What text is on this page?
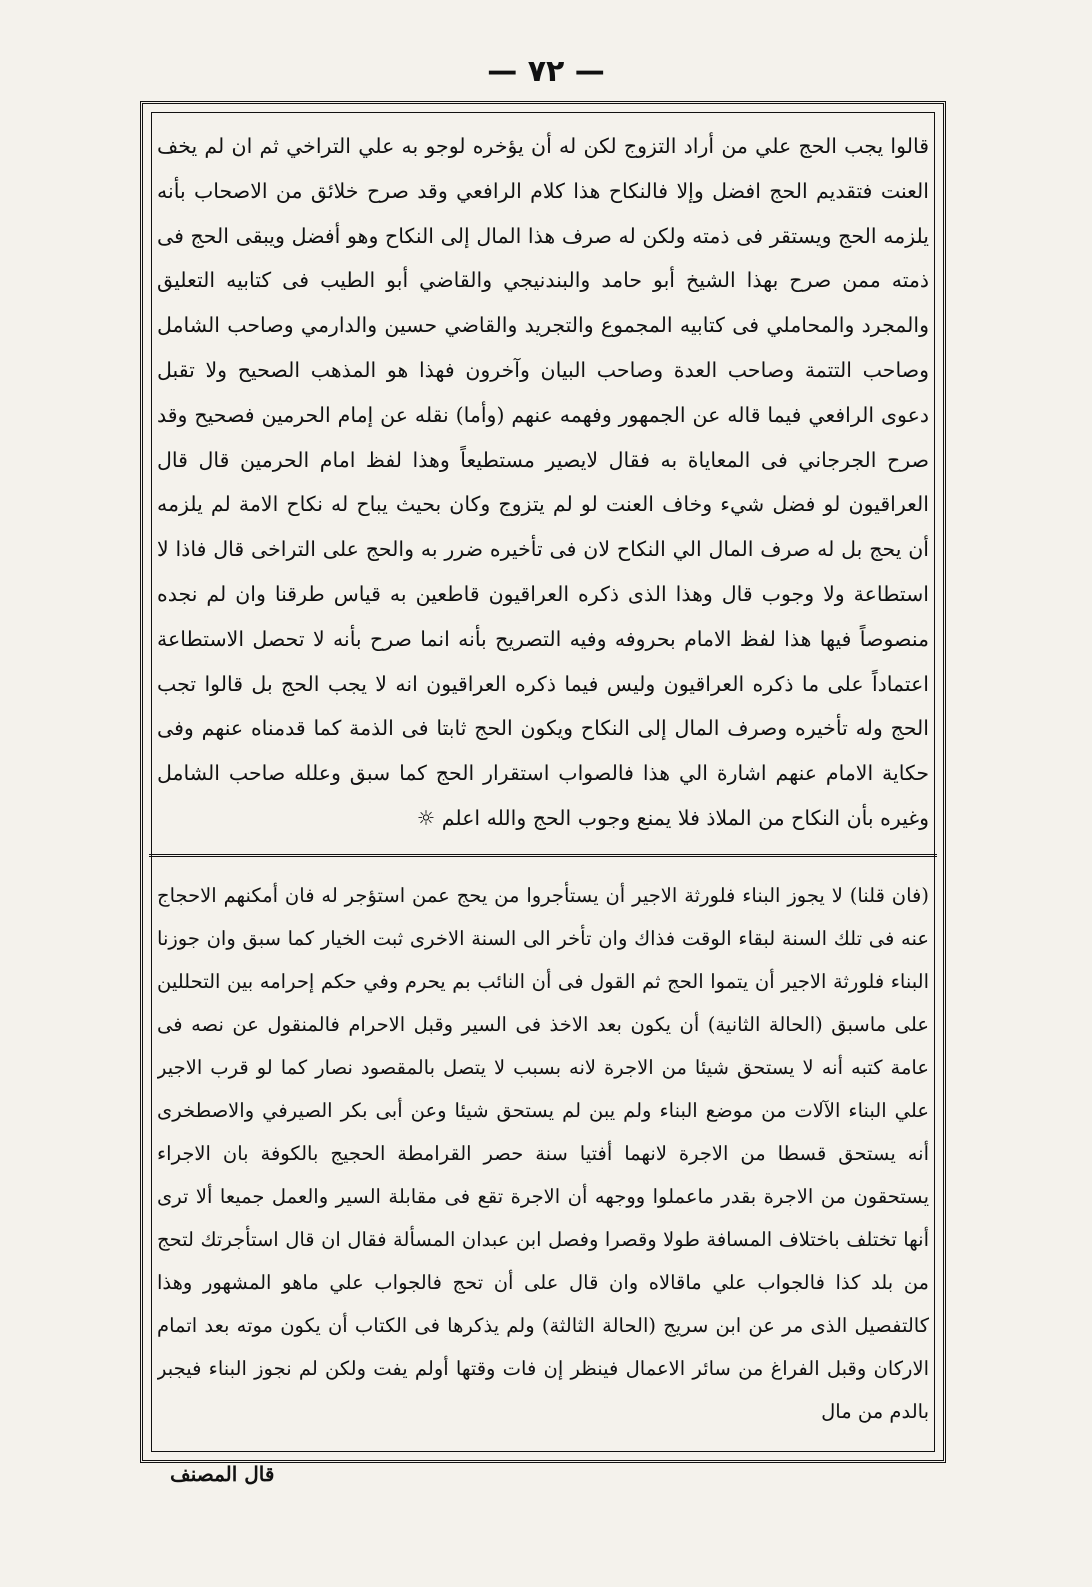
— ٧٢ —

قالوا يجب الحج علي من أراد التزوج لكن له أن يؤخره لوجو به علي التراخي ثم ان لم يخف العنت فتقديم الحج افضل وإلا فالنكاح هذا كلام الرافعي وقد صرح خلائق من الاصحاب بأنه يلزمه الحج ويستقر فى ذمته ولكن له صرف هذا المال إلى النكاح وهو أفضل ويبقى الحج فى ذمته ممن صرح بهذا الشيخ أبو حامد والبندنيجي والقاضي أبو الطيب فى كتابيه التعليق والمجرد والمحاملي فى كتابيه المجموع والتجريد والقاضي حسين والدارمي وصاحب الشامل وصاحب التتمة وصاحب العدة وصاحب البيان وآخرون فهذا هو المذهب الصحيح ولا تقبل دعوى الرافعي فيما قاله عن الجمهور وفهمه عنهم (وأما) نقله عن إمام الحرمين فصحيح وقد صرح الجرجاني فى المعاياة به فقال لايصير مستطيعاً وهذا لفظ امام الحرمين قال قال العراقيون لو فضل شيء وخاف العنت لو لم يتزوج وكان بحيث يباح له نكاح الامة لم يلزمه أن يحج بل له صرف المال الي النكاح لان فى تأخيره ضرر به والحج على التراخى قال فاذا لا استطاعة ولا وجوب قال وهذا الذى ذكره العراقيون قاطعين به قياس طرقنا وان لم نجده منصوصاً فيها هذا لفظ الامام بحروفه وفيه التصريح بأنه انما صرح بأنه لا تحصل الاستطاعة اعتماداً على ما ذكره العراقيون وليس فيما ذكره العراقيون انه لا يجب الحج بل قالوا تجب الحج وله تأخيره وصرف المال إلى النكاح ويكون الحج ثابتا فى الذمة كما قدمناه عنهم وفى حكاية الامام عنهم اشارة الي هذا فالصواب استقرار الحج كما سبق وعلله صاحب الشامل وغيره بأن النكاح من الملاذ فلا يمنع وجوب الحج والله اعلم ☼

(فان قلنا) لا يجوز البناء فلورثة الاجير أن يستأجروا من يحج عمن استؤجر له فان أمكنهم الاحجاج عنه فى تلك السنة لبقاء الوقت فذاك وان تأخر الى السنة الاخرى ثبت الخيار كما سبق وان جوزنا البناء فلورثة الاجير أن يتموا الحج ثم القول فى أن النائب بم يحرم وفي حكم إحرامه بين التحللين على ماسبق (الحالة الثانية) أن يكون بعد الاخذ فى السير وقبل الاحرام فالمنقول عن نصه فى عامة كتبه أنه لا يستحق شيئا من الاجرة لانه بسبب لا يتصل بالمقصود نصار كما لو قرب الاجير علي البناء الآلات من موضع البناء ولم يبن لم يستحق شيئا وعن أبى بكر الصيرفي والاصطخرى أنه يستحق قسطا من الاجرة لانهما أفتيا سنة حصر القرامطة الحجيج بالكوفة بان الاجراء يستحقون من الاجرة بقدر ماعملوا ووجهه أن الاجرة تقع فى مقابلة السير والعمل جميعا ألا ترى أنها تختلف باختلاف المسافة طولا وقصرا وفصل ابن عبدان المسألة فقال ان قال استأجرتك لتحج من بلد كذا فالجواب علي ماقالاه وان قال على أن تحج فالجواب علي ماهو المشهور وهذا كالتفصيل الذى مر عن ابن سريج (الحالة الثالثة) ولم يذكرها فى الكتاب أن يكون موته بعد اتمام الاركان وقبل الفراغ من سائر الاعمال فينظر إن فات وقتها أولم يفت ولكن لم نجوز البناء فيجبر بالدم من مال

قال المصنف
